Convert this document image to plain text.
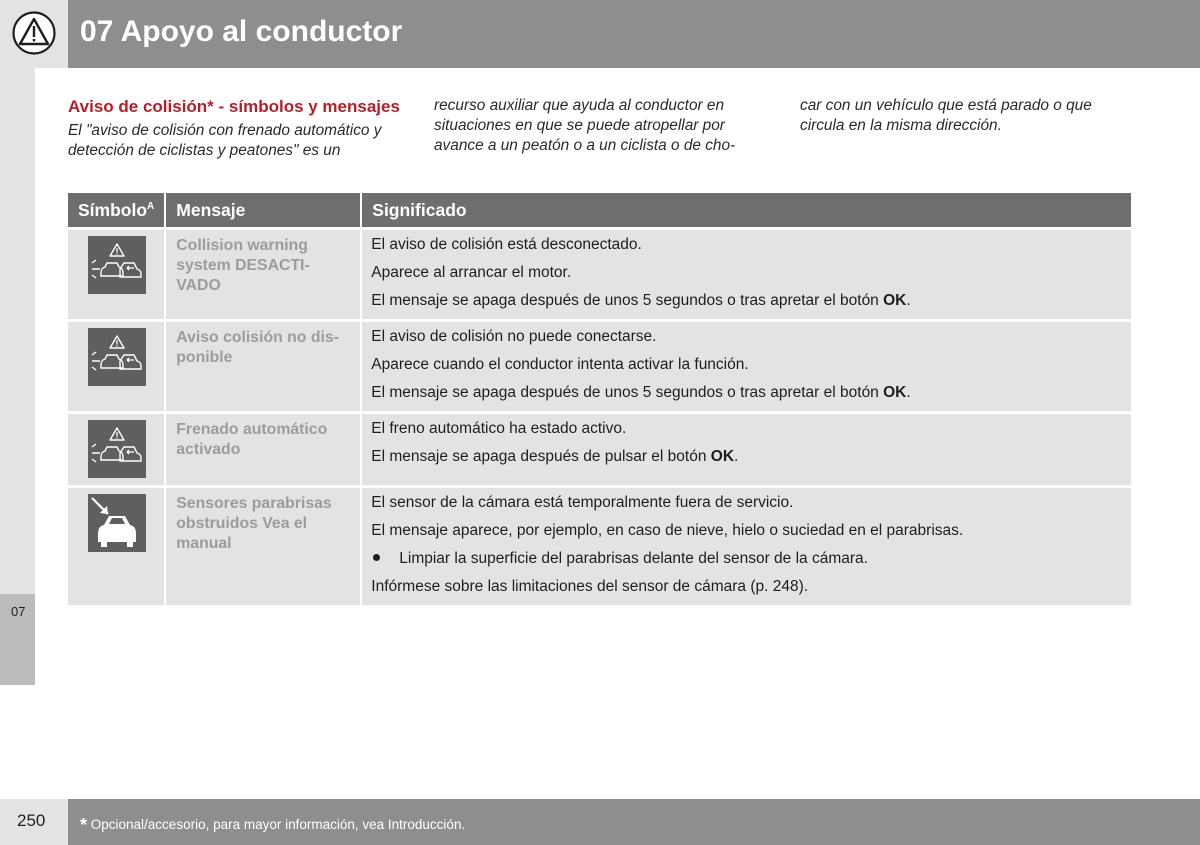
07 Apoyo al conductor
07
Aviso de colisión* - símbolos y mensajes

El "aviso de colisión con frenado automático y detección de ciclistas y peatones" es un

recurso auxiliar que ayuda al conductor en situaciones en que se puede atropellar por avance a un peatón o a un ciclista o de cho-

car con un vehículo que está parado o que circula en la misma dirección.

Símbolo$^A$	Mensaje	Significado

	Collision warning system DESACTI-VADO	El aviso de colisión está desconectado.

Aparece al arrancar el motor.

El mensaje se apaga después de unos 5 segundos o tras apretar el botón OK.

	Aviso colisión no dis-ponible	El aviso de colisión no puede conectarse.

Aparece cuando el conductor intenta activar la función.

El mensaje se apaga después de unos 5 segundos o tras apretar el botón OK.

	Frenado automático activado	El freno automático ha estado activo.

El mensaje se apaga después de pulsar el botón OK.

	Sensores parabrisas obstruidos Vea el manual	El sensor de la cámara está temporalmente fuera de servicio.

El mensaje aparece, por ejemplo, en caso de nieve, hielo o suciedad en el parabrisas.

Limpiar la superficie del parabrisas delante del sensor de la cámara.

Infórmese sobre las limitaciones del sensor de cámara (p. 248).

250 * Opcional/accesorio, para mayor información, vea Introducción.
